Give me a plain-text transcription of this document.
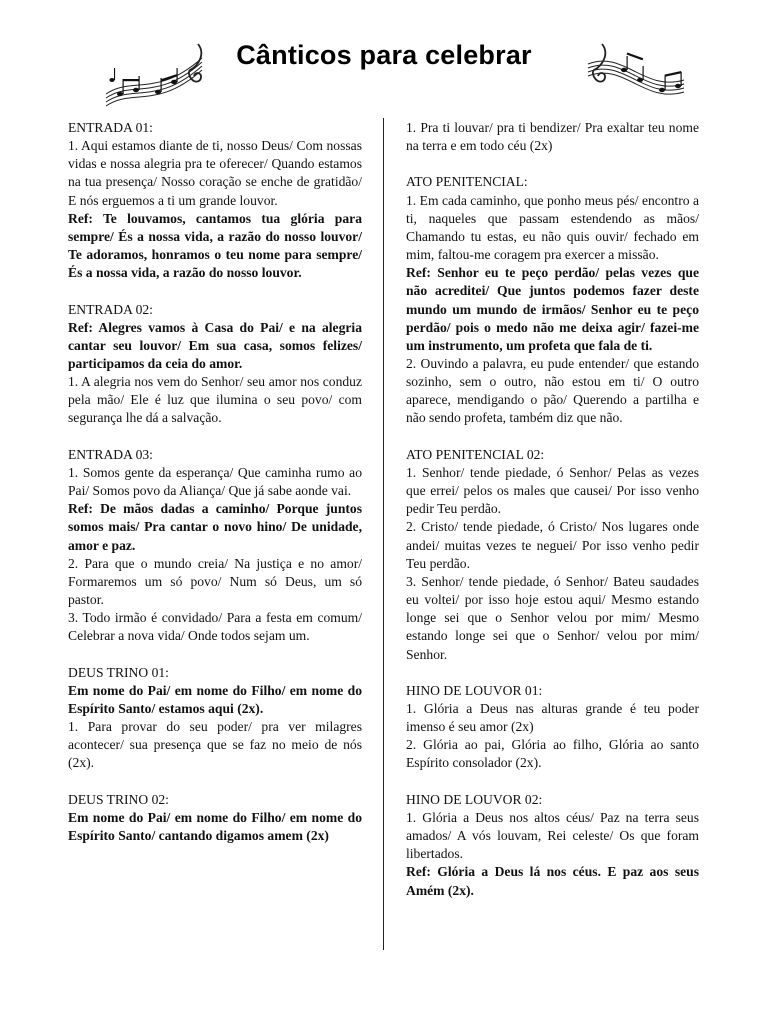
Cânticos para celebrar

ENTRADA 01:

1. Aqui estamos diante de ti, nosso Deus/ Com nossas vidas e nossa alegria pra te oferecer/ Quando estamos na tua presença/ Nosso coração se enche de gratidão/ E nós erguemos a ti um grande louvor.

Ref: Te louvamos, cantamos tua glória para sempre/ És a nossa vida, a razão do nosso louvor/ Te adoramos, honramos o teu nome para sempre/ És a nossa vida, a razão do nosso louvor.

ENTRADA 02:

Ref: Alegres vamos à Casa do Pai/ e na alegria cantar seu louvor/ Em sua casa, somos felizes/ participamos da ceia do amor.

1. A alegria nos vem do Senhor/ seu amor nos conduz pela mão/ Ele é luz que ilumina o seu povo/ com segurança lhe dá a salvação.

ENTRADA 03:

1. Somos gente da esperança/ Que caminha rumo ao Pai/ Somos povo da Aliança/ Que já sabe aonde vai.

Ref: De mãos dadas a caminho/ Porque juntos somos mais/ Pra cantar o novo hino/ De unidade, amor e paz.

2. Para que o mundo creia/ Na justiça e no amor/ Formaremos um só povo/ Num só Deus, um só pastor.

3. Todo irmão é convidado/ Para a festa em comum/ Celebrar a nova vida/ Onde todos sejam um.

DEUS TRINO 01:

Em nome do Pai/ em nome do Filho/ em nome do Espírito Santo/ estamos aqui (2x).

1. Para provar do seu poder/ pra ver milagres acontecer/ sua presença que se faz no meio de nós (2x).

DEUS TRINO 02:

Em nome do Pai/ em nome do Filho/ em nome do Espírito Santo/ cantando digamos amem (2x)

1. Pra ti louvar/ pra ti bendizer/ Pra exaltar teu nome na terra e em todo céu (2x)

ATO PENITENCIAL:

1. Em cada caminho, que ponho meus pés/ encontro a ti, naqueles que passam estendendo as mãos/ Chamando tu estas, eu não quis ouvir/ fechado em mim, faltou-me coragem pra exercer a missão.

Ref: Senhor eu te peço perdão/ pelas vezes que não acreditei/ Que juntos podemos fazer deste mundo um mundo de irmãos/ Senhor eu te peço perdão/ pois o medo não me deixa agir/ fazei-me um instrumento, um profeta que fala de ti.

2. Ouvindo a palavra, eu pude entender/ que estando sozinho, sem o outro, não estou em ti/ O outro aparece, mendigando o pão/ Querendo a partilha e não sendo profeta, também diz que não.

ATO PENITENCIAL 02:

1. Senhor/ tende piedade, ó Senhor/ Pelas as vezes que errei/ pelos os males que causei/ Por isso venho pedir Teu perdão.

2. Cristo/ tende piedade, ó Cristo/ Nos lugares onde andei/ muitas vezes te neguei/ Por isso venho pedir Teu perdão.

3. Senhor/ tende piedade, ó Senhor/ Bateu saudades eu voltei/ por isso hoje estou aqui/ Mesmo estando longe sei que o Senhor velou por mim/ Mesmo estando longe sei que o Senhor/ velou por mim/ Senhor.

HINO DE LOUVOR 01:

1. Glória a Deus nas alturas grande é teu poder imenso é seu amor (2x)

2. Glória ao pai, Glória ao filho, Glória ao santo Espírito consolador (2x).

HINO DE LOUVOR 02:

1. Glória a Deus nos altos céus/ Paz na terra seus amados/ A vós louvam, Rei celeste/ Os que foram libertados.

Ref: Glória a Deus lá nos céus. E paz aos seus Amém (2x).
